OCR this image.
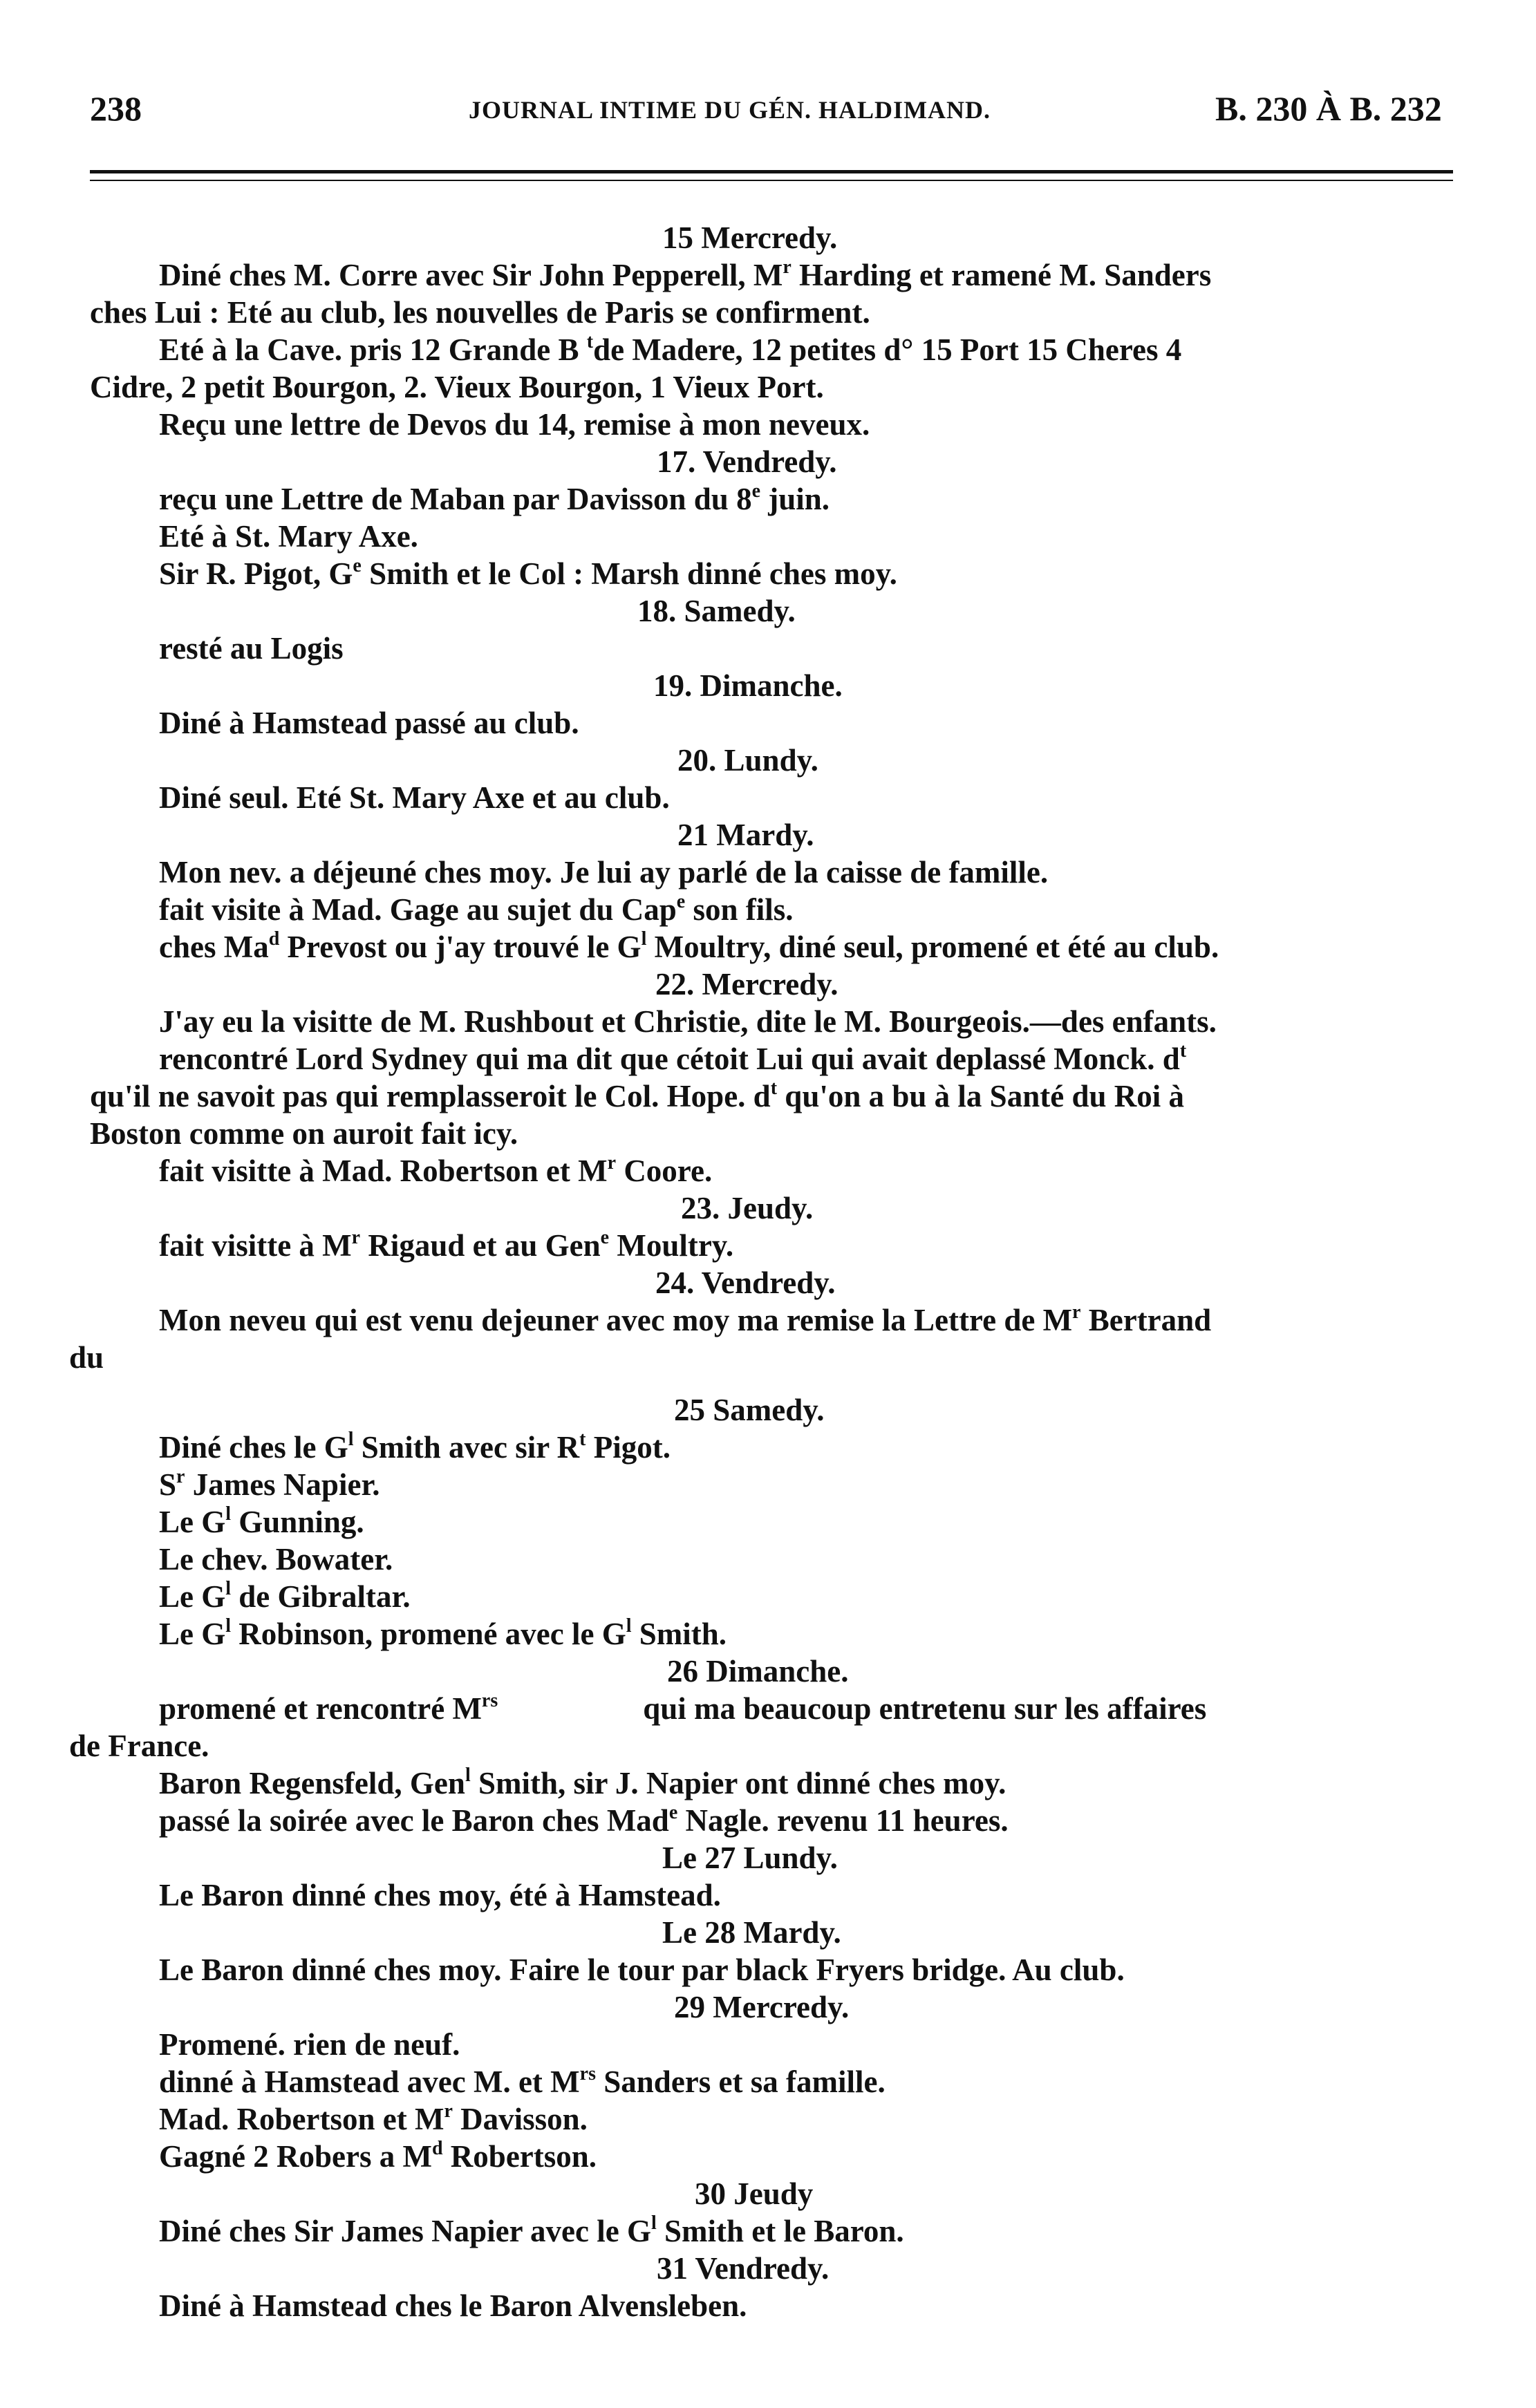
238	JOURNAL INTIME DU GÉN. HALDIMAND.	B. 230 À B. 232
15 Mercredy.
Diné ches M. Corre avec Sir John Pepperell, $M^r$ Harding et ramené M. Sanders
ches Lui : Eté au club, les nouvelles de Paris se confirment.
Eté à la Cave. pris 12 Grande B $^t$de Madere, 12 petites d° 15 Port 15 Cheres 4
Cidre, 2 petit Bourgon, 2. Vieux Bourgon, 1 Vieux Port.
Reçu une lettre de Devos du 14, remise à mon neveux.
17. Vendredy.
reçu une Lettre de Maban par Davisson du 8e juin.
Eté à St. Mary Axe.
Sir R. Pigot, $G^e$ Smith et le Col : Marsh dinné ches moy.
18. Samedy.
resté au Logis
19. Dimanche.
Diné à Hamstead passé au club.
20. Lundy.
Diné seul. Eté St. Mary Axe et au club.
21 Mardy.
Mon nev. a déjeuné ches moy. Je lui ay parlé de la caisse de famille.
fait visite à Mad. Gage au sujet du Cap$^e$ son fils.
ches Ma$^d$ Prevost ou j'ay trouvé le $G^l$ Moultry, diné seul, promené et été au club.
22. Mercredy.
J'ay eu la visitte de M. Rushbout et Christie, dite le M. Bourgeois.—des enfants.
rencontré Lord Sydney qui ma dit que cétoit Lui qui avait deplassé Monck. $d^t$
qu'il ne savoit pas qui remplasseroit le Col. Hope. $d^t$ qu'on a bu à la Santé du Roi à
Boston comme on auroit fait icy.
fait visitte à Mad. Robertson et $M^r$ Coore.
23. Jeudy.
fait visitte à $M^r$ Rigaud et au Gen$^e$ Moultry.
24. Vendredy.
Mon neveu qui est venu dejeuner avec moy ma remise la Lettre de $M^r$ Bertrand
du
25 Samedy.
Diné ches le $G^l$ Smith avec sir $R^t$ Pigot.
$S^r$ James Napier.
Le $G^l$ Gunning.
Le chev. Bowater.
Le $G^l$ de Gibraltar.
Le $G^l$ Robinson, promené avec le $G^l$ Smith.
26 Dimanche.
promené et rencontré $M^{rs}$	qui ma beaucoup entretenu sur les affaires
de France.
Baron Regensfeld, Gen$^l$ Smith, sir J. Napier ont dinné ches moy.
passé la soirée avec le Baron ches Mad$^e$ Nagle. revenu 11 heures.
Le 27 Lundy.
Le Baron dinné ches moy, été à Hamstead.
Le 28 Mardy.
Le Baron dinné ches moy. Faire le tour par black Fryers bridge. Au club.
29 Mercredy.
Promené. rien de neuf.
dinné à Hamstead avec M. et $M^{rs}$ Sanders et sa famille.
Mad. Robertson et $M^r$ Davisson.
Gagné 2 Robers a $M^d$ Robertson.
30 Jeudy
Diné ches Sir James Napier avec le $G^l$ Smith et le Baron.
31 Vendredy.
Diné à Hamstead ches le Baron Alvensleben.
